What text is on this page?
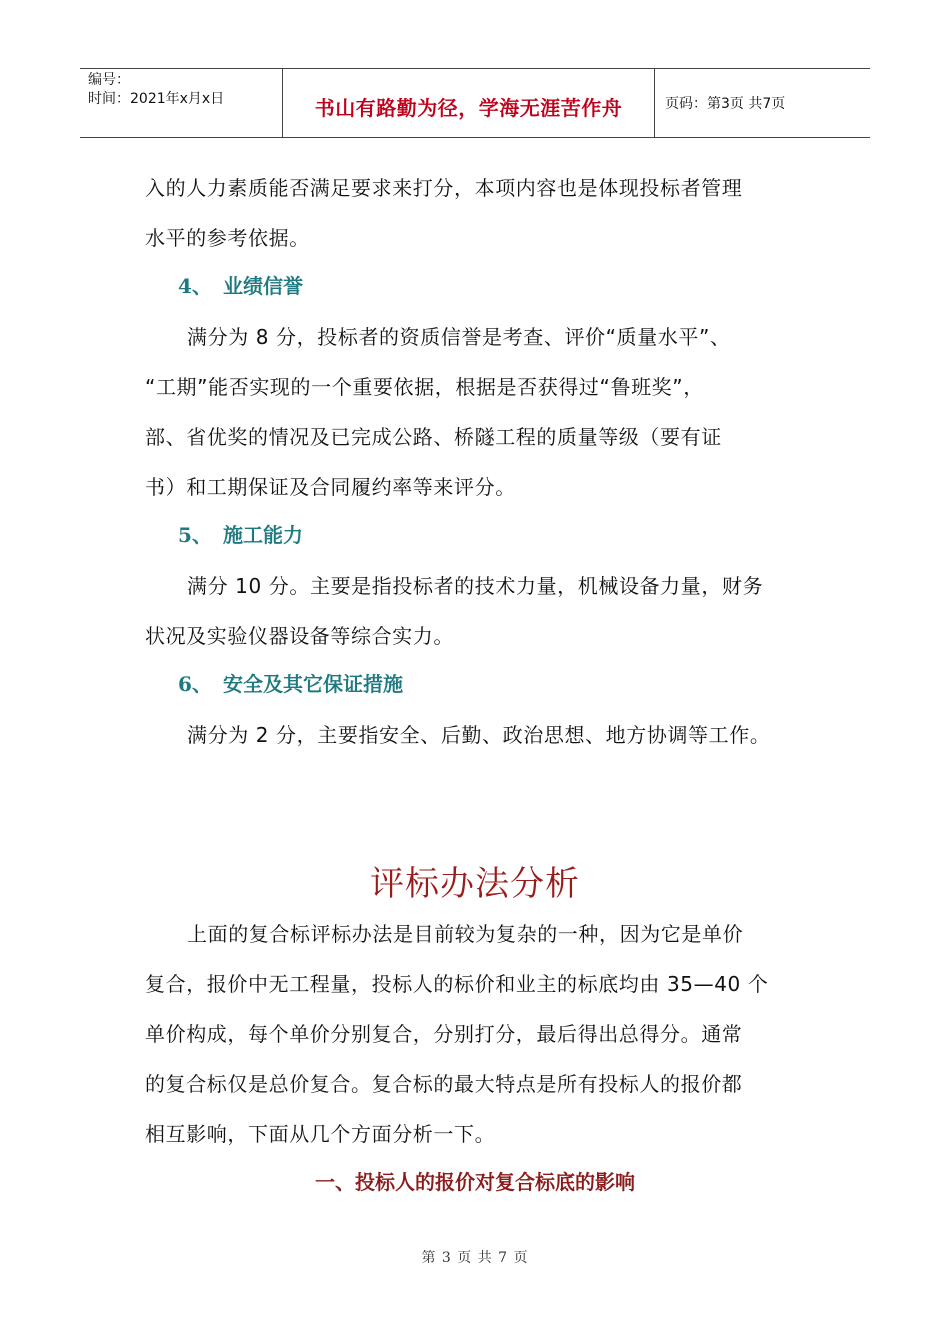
编号：
时间：2021年x月x日	书山有路勤为径，学海无涯苦作舟	页码：第3页 共7页
入的人力素质能否满足要求来打分，本项内容也是体现投标者管理
水平的参考依据。
4、 业绩信誉
满分为 8 分，投标者的资质信誉是考查、评价“质量水平”、
“工期”能否实现的一个重要依据，根据是否获得过“鲁班奖”，
部、省优奖的情况及已完成公路、桥隧工程的质量等级（要有证
书）和工期保证及合同履约率等来评分。
5、 施工能力
满分 10 分。主要是指投标者的技术力量，机械设备力量，财务
状况及实验仪器设备等综合实力。
6、 安全及其它保证措施
满分为 2 分，主要指安全、后勤、政治思想、地方协调等工作。
评标办法分析
上面的复合标评标办法是目前较为复杂的一种，因为它是单价
复合，报价中无工程量，投标人的标价和业主的标底均由 35—40 个
单价构成，每个单价分别复合，分别打分，最后得出总得分。通常
的复合标仅是总价复合。复合标的最大特点是所有投标人的报价都
相互影响，下面从几个方面分析一下。
一、投标人的报价对复合标底的影响
第 3 页 共 7 页
